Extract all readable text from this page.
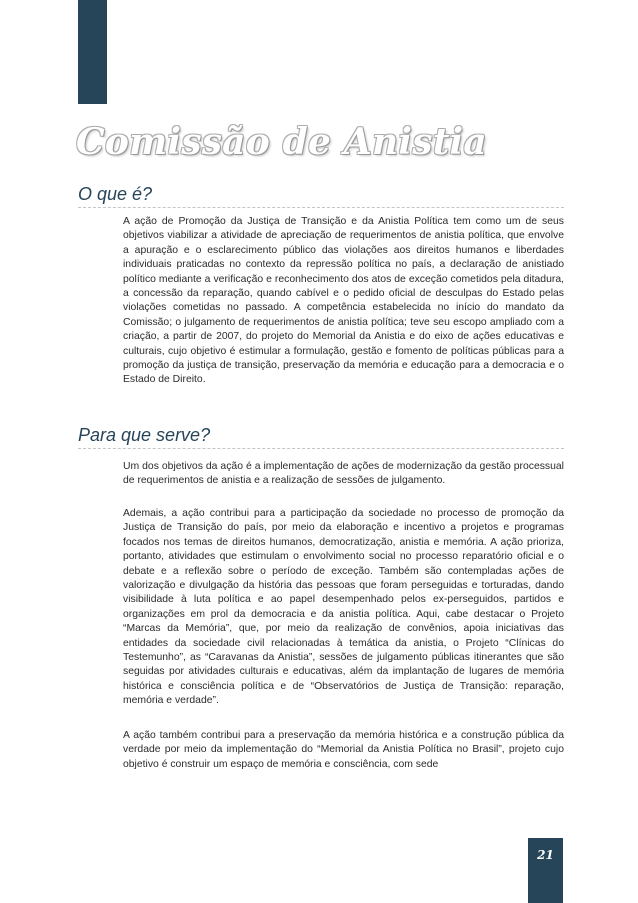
Comissão de Anistia
O que é?

A ação de Promoção da Justiça de Transição e da Anistia Política tem como um de seus objetivos viabilizar a atividade de apreciação de requerimentos de anistia política, que envolve a apuração e o esclarecimento público das violações aos direitos humanos e liberdades individuais praticadas no contexto da repressão política no país, a declaração de anistiado político mediante a verificação e reconhecimento dos atos de exceção cometidos pela ditadura, a concessão da reparação, quando cabível e o pedido oficial de desculpas do Estado pelas violações cometidas no passado. A competência estabelecida no início do mandato da Comissão; o julgamento de requerimentos de anistia política; teve seu escopo ampliado com a criação, a partir de 2007, do projeto do Memorial da Anistia e do eixo de ações educativas e culturais, cujo objetivo é estimular a formulação, gestão e fomento de políticas públicas para a promoção da justiça de transição, preservação da memória e educação para a democracia e o Estado de Direito.

Para que serve?

Um dos objetivos da ação é a implementação de ações de modernização da gestão processual de requerimentos de anistia e a realização de sessões de julgamento.

Ademais, a ação contribui para a participação da sociedade no processo de promoção da Justiça de Transição do país, por meio da elaboração e incentivo a projetos e programas focados nos temas de direitos humanos, democratização, anistia e memória. A ação prioriza, portanto, atividades que estimulam o envolvimento social no processo reparatório oficial e o debate e a reflexão sobre o período de exceção. Também são contempladas ações de valorização e divulgação da história das pessoas que foram perseguidas e torturadas, dando visibilidade à luta política e ao papel desempenhado pelos ex-perseguidos, partidos e organizações em prol da democracia e da anistia política. Aqui, cabe destacar o Projeto “Marcas da Memória”, que, por meio da realização de convênios, apoia iniciativas das entidades da sociedade civil relacionadas à temática da anistia, o Projeto “Clínicas do Testemunho”, as “Caravanas da Anistia”, sessões de julgamento públicas itinerantes que são seguidas por atividades culturais e educativas, além da implantação de lugares de memória histórica e consciência política e de “Observatórios de Justiça de Transição: reparação, memória e verdade”.

A ação também contribui para a preservação da memória histórica e a construção pública da verdade por meio da implementação do “Memorial da Anistia Política no Brasil”, projeto cujo objetivo é construir um espaço de memória e consciência, com sede

21
